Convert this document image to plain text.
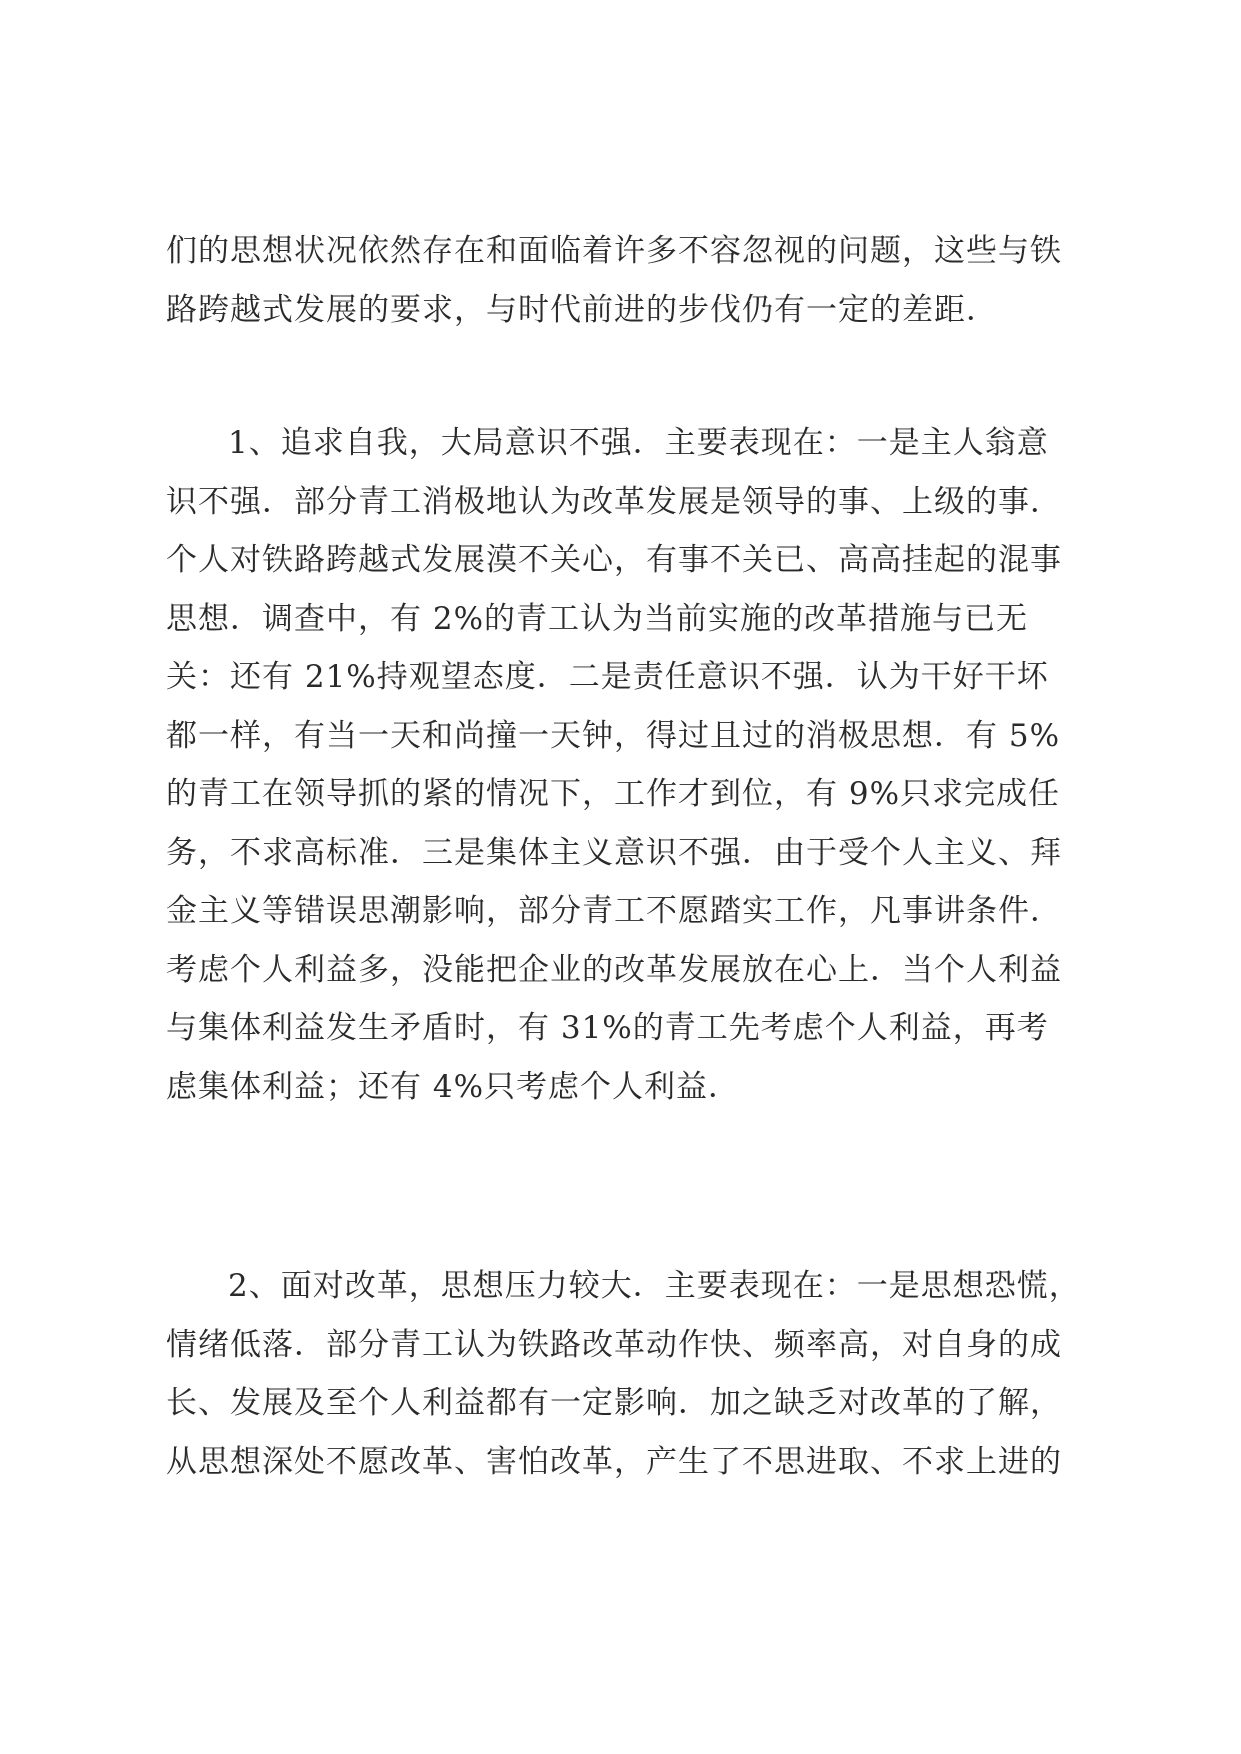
们的思想状况依然存在和面临着许多不容忽视的问题，这些与铁
路跨越式发展的要求，与时代前进的步伐仍有一定的差距．
1、追求自我，大局意识不强．主要表现在：一是主人翁意
识不强．部分青工消极地认为改革发展是领导的事、上级的事．
个人对铁路跨越式发展漠不关心，有事不关已、高高挂起的混事
思想．调查中，有 2%的青工认为当前实施的改革措施与已无
关：还有 21%持观望态度．二是责任意识不强．认为干好干坏
都一样，有当一天和尚撞一天钟，得过且过的消极思想．有 5%
的青工在领导抓的紧的情况下，工作才到位，有 9%只求完成任
务，不求高标准．三是集体主义意识不强．由于受个人主义、拜
金主义等错误思潮影响，部分青工不愿踏实工作，凡事讲条件．
考虑个人利益多，没能把企业的改革发展放在心上．当个人利益
与集体利益发生矛盾时，有 31%的青工先考虑个人利益，再考
虑集体利益；还有 4%只考虑个人利益．
2、面对改革，思想压力较大．主要表现在：一是思想恐慌，
情绪低落．部分青工认为铁路改革动作快、频率高，对自身的成
长、发展及至个人利益都有一定影响．加之缺乏对改革的了解，
从思想深处不愿改革、害怕改革，产生了不思进取、不求上进的
